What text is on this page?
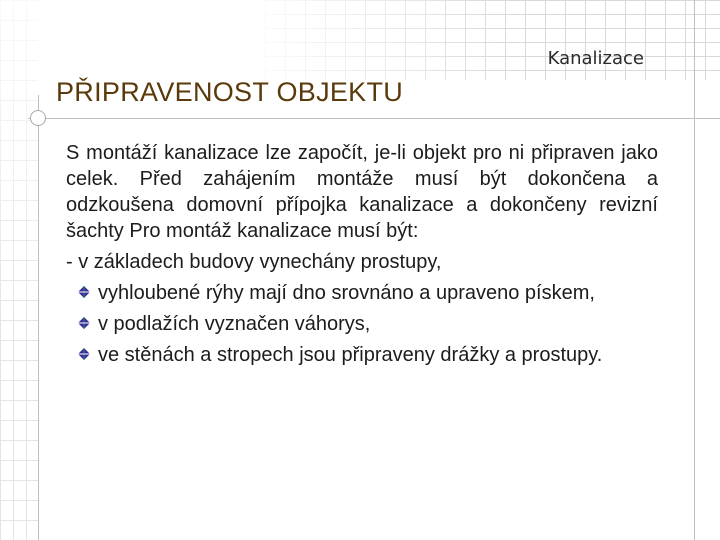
Kanalizace
PŘIPRAVENOST OBJEKTU

S montáží kanalizace lze započít, je-li objekt pro ni připraven jako celek. Před zahájením montáže musí být dokončena a odzkoušena domovní přípojka kanalizace a dokončeny revizní šachty Pro montáž kanalizace musí být:

- v základech budovy vynechány prostupy,

vyhloubené rýhy mají dno srovnáno a upraveno pískem,
v podlažích vyznačen váhorys,
ve stěnách a stropech jsou připraveny drážky a prostupy.
